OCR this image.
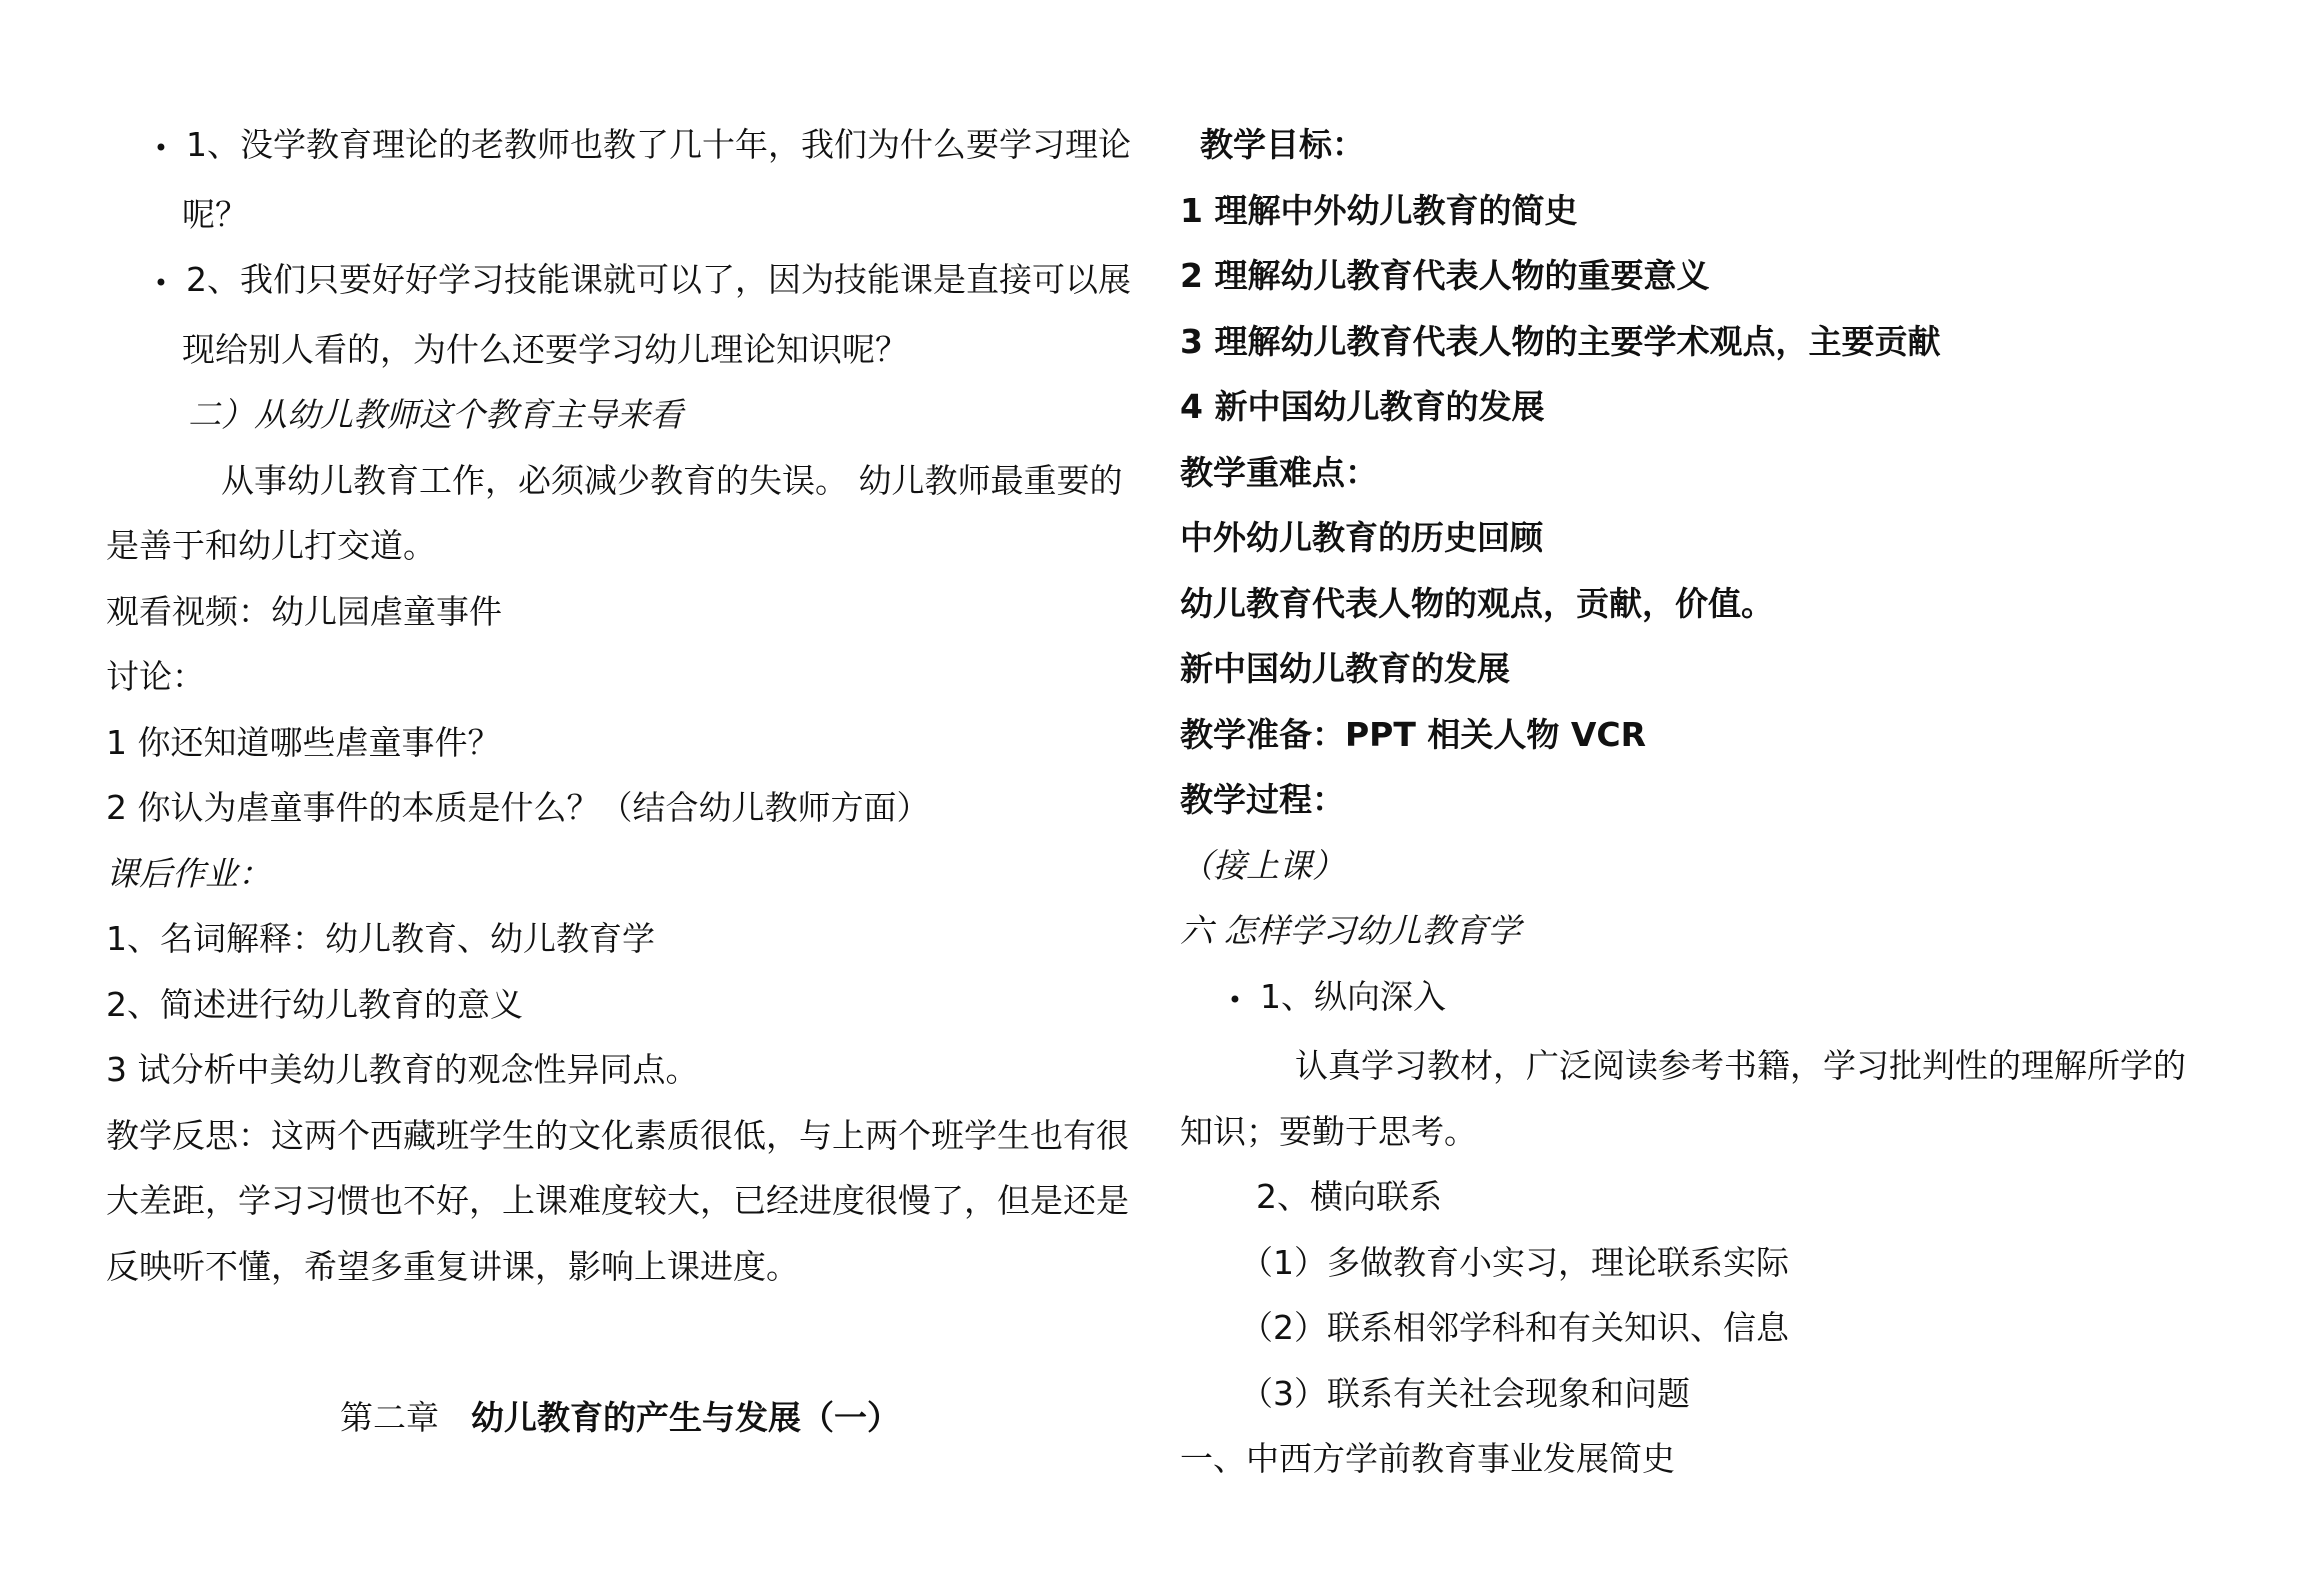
• 1、没学教育理论的老教师也教了几十年，我们为什么要学习理论
呢？
• 2、我们只要好好学习技能课就可以了，因为技能课是直接可以展
现给别人看的，为什么还要学习幼儿理论知识呢？
二）从幼儿教师这个教育主导来看
从事幼儿教育工作，必须减少教育的失误。 幼儿教师最重要的
是善于和幼儿打交道。
观看视频：幼儿园虐童事件
讨论：
1 你还知道哪些虐童事件？
2 你认为虐童事件的本质是什么？（结合幼儿教师方面）
课后作业：
1、名词解释：幼儿教育、幼儿教育学
2、简述进行幼儿教育的意义
3 试分析中美幼儿教育的观念性异同点。
教学反思：这两个西藏班学生的文化素质很低，与上两个班学生也有很
大差距，学习习惯也不好，上课难度较大，已经进度很慢了，但是还是
反映听不懂，希望多重复讲课，影响上课进度。
第二章 幼儿教育的产生与发展（一）
教学目标：
1 理解中外幼儿教育的简史
2 理解幼儿教育代表人物的重要意义
3 理解幼儿教育代表人物的主要学术观点，主要贡献
4 新中国幼儿教育的发展
教学重难点：
中外幼儿教育的历史回顾
幼儿教育代表人物的观点，贡献，价值。
新中国幼儿教育的发展
教学准备：PPT 相关人物 VCR
教学过程：
（接上课）
六 怎样学习幼儿教育学
• 1、纵向深入
认真学习教材，广泛阅读参考书籍，学习批判性的理解所学的
知识；要勤于思考。
2、横向联系
（1）多做教育小实习，理论联系实际
（2）联系相邻学科和有关知识、信息
（3）联系有关社会现象和问题
一、中西方学前教育事业发展简史
